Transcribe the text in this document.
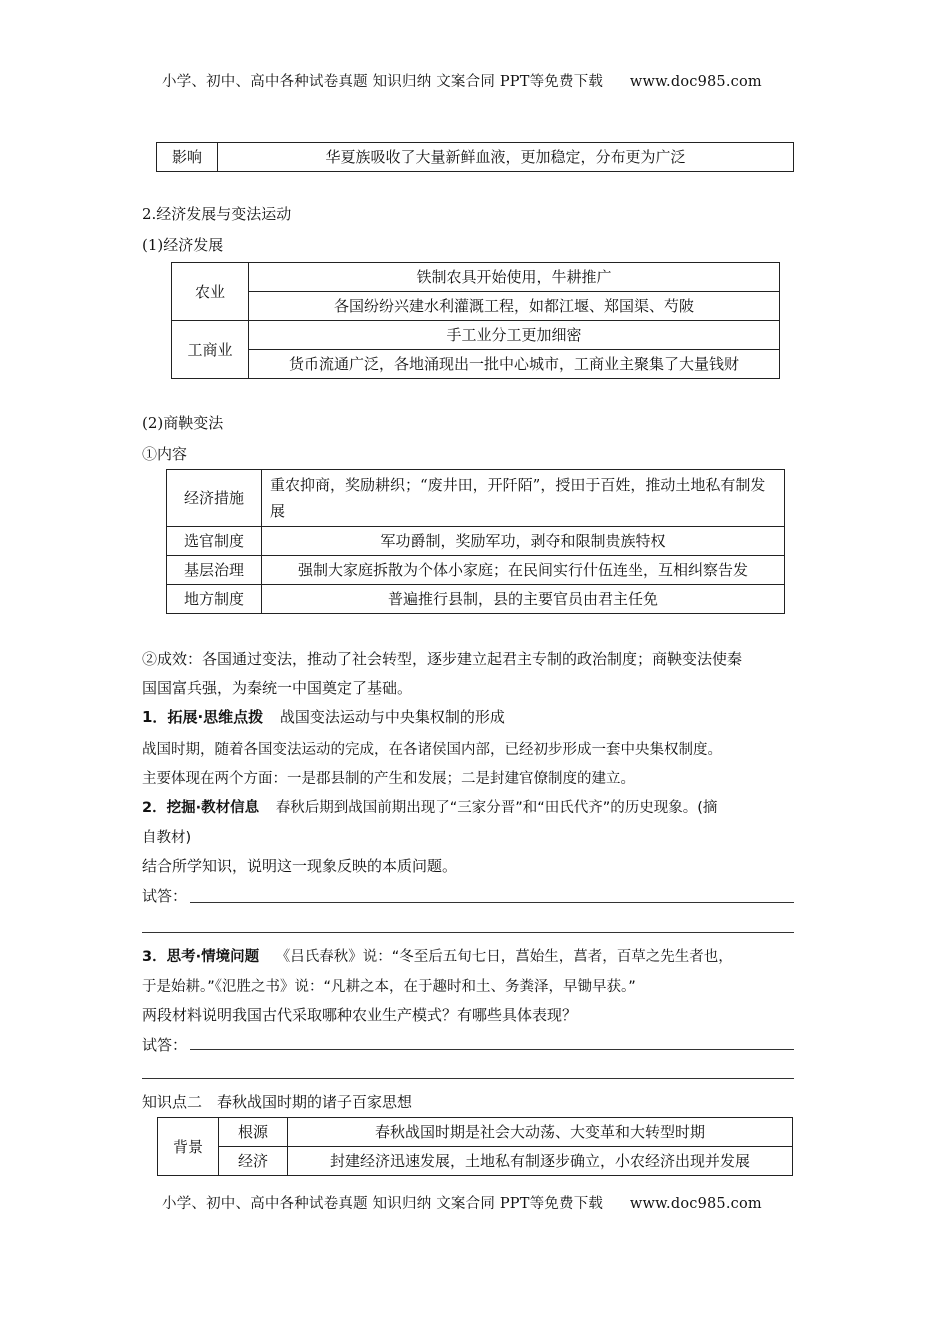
小学、初中、高中各种试卷真题 知识归纳 文案合同 PPT等免费下载 www.doc985.com
影响	华夏族吸收了大量新鲜血液，更加稳定，分布更为广泛
2.经济发展与变法运动
(1)经济发展
农业	铁制农具开始使用，牛耕推广
	各国纷纷兴建水利灌溉工程，如都江堰、郑国渠、芍陂
工商业	手工业分工更加细密
	货币流通广泛，各地涌现出一批中心城市，工商业主聚集了大量钱财
(2)商鞅变法
①内容
经济措施	重农抑商，奖励耕织；“废井田，开阡陌”，授田于百姓，推动土地私有制发展
选官制度	军功爵制，奖励军功，剥夺和限制贵族特权
基层治理	强制大家庭拆散为个体小家庭；在民间实行什伍连坐，互相纠察告发
地方制度	普遍推行县制，县的主要官员由君主任免
②成效：各国通过变法，推动了社会转型，逐步建立起君主专制的政治制度；商鞅变法使秦
国国富兵强，为秦统一中国奠定了基础。
1．拓展·思维点拨 战国变法运动与中央集权制的形成
战国时期，随着各国变法运动的完成，在各诸侯国内部，已经初步形成一套中央集权制度。
主要体现在两个方面：一是郡县制的产生和发展；二是封建官僚制度的建立。
2．挖掘·教材信息 春秋后期到战国前期出现了“三家分晋”和“田氏代齐”的历史现象。(摘
自教材)
结合所学知识，说明这一现象反映的本质问题。
试答：
3．思考·情境问题 《吕氏春秋》说：“冬至后五旬七日，菖始生，菖者，百草之先生者也，
于是始耕。”《氾胜之书》说：“凡耕之本，在于趣时和土、务粪泽，早锄早获。”
两段材料说明我国古代采取哪种农业生产模式？有哪些具体表现？
试答：
知识点二　春秋战国时期的诸子百家思想
背景	根源	春秋战国时期是社会大动荡、大变革和大转型时期
	经济	封建经济迅速发展，土地私有制逐步确立，小农经济出现并发展
小学、初中、高中各种试卷真题 知识归纳 文案合同 PPT等免费下载 www.doc985.com
